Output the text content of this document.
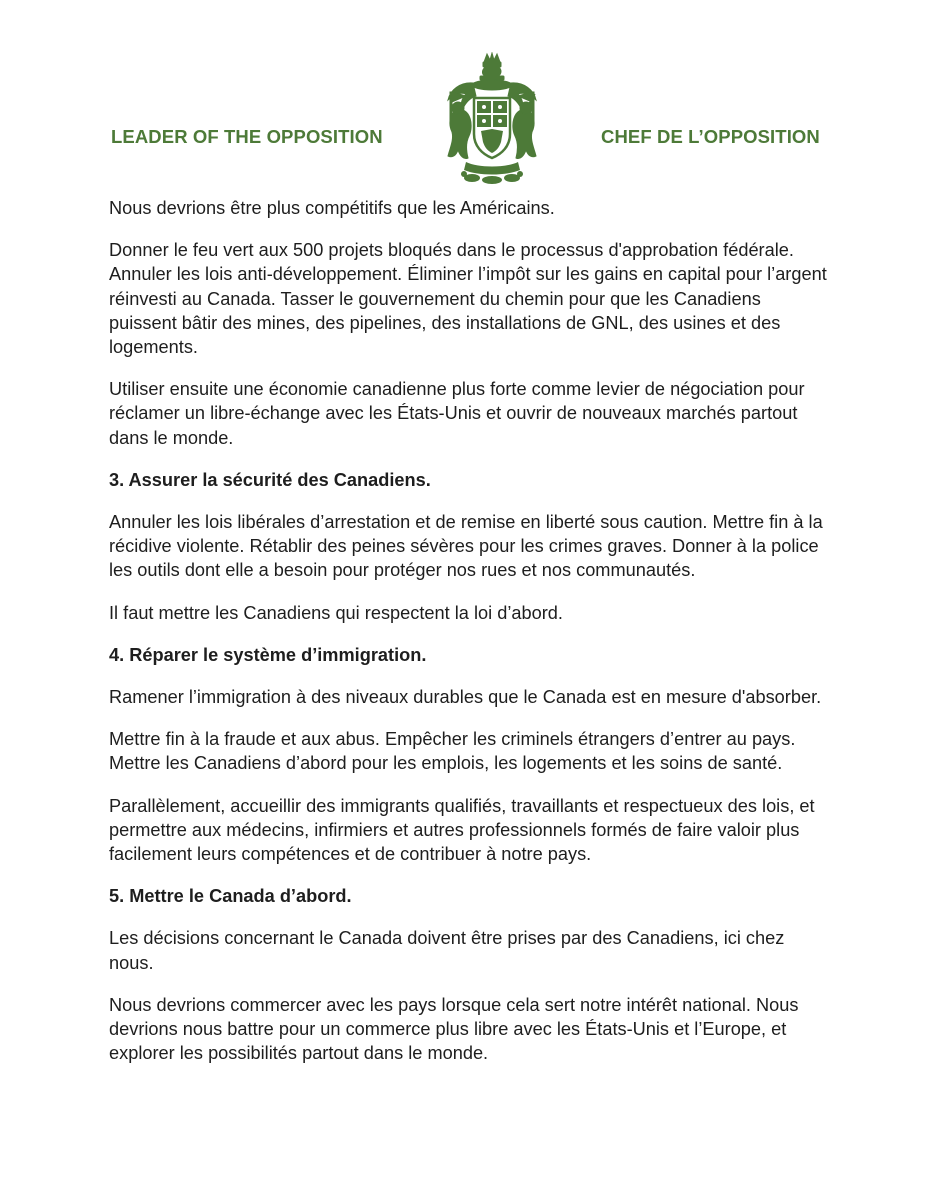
LEADER OF THE OPPOSITION	CHEF DE L’OPPOSITION

Nous devrions être plus compétitifs que les Américains.

Donner le feu vert aux 500 projets bloqués dans le processus d'approbation fédérale. Annuler les lois anti-développement. Éliminer l’impôt sur les gains en capital pour l’argent réinvesti au Canada. Tasser le gouvernement du chemin pour que les Canadiens puissent bâtir des mines, des pipelines, des installations de GNL, des usines et des logements.

Utiliser ensuite une économie canadienne plus forte comme levier de négociation pour réclamer un libre-échange avec les États-Unis et ouvrir de nouveaux marchés partout dans le monde.

3. Assurer la sécurité des Canadiens.

Annuler les lois libérales d’arrestation et de remise en liberté sous caution. Mettre fin à la récidive violente. Rétablir des peines sévères pour les crimes graves. Donner à la police les outils dont elle a besoin pour protéger nos rues et nos communautés.

Il faut mettre les Canadiens qui respectent la loi d’abord.

4. Réparer le système d’immigration.

Ramener l’immigration à des niveaux durables que le Canada est en mesure d'absorber.

Mettre fin à la fraude et aux abus. Empêcher les criminels étrangers d’entrer au pays. Mettre les Canadiens d’abord pour les emplois, les logements et les soins de santé.

Parallèlement, accueillir des immigrants qualifiés, travaillants et respectueux des lois, et permettre aux médecins, infirmiers et autres professionnels formés de faire valoir plus facilement leurs compétences et de contribuer à notre pays.

5. Mettre le Canada d’abord.

Les décisions concernant le Canada doivent être prises par des Canadiens, ici chez nous.

Nous devrions commercer avec les pays lorsque cela sert notre intérêt national. Nous devrions nous battre pour un commerce plus libre avec les États-Unis et l’Europe, et explorer les possibilités partout dans le monde.
